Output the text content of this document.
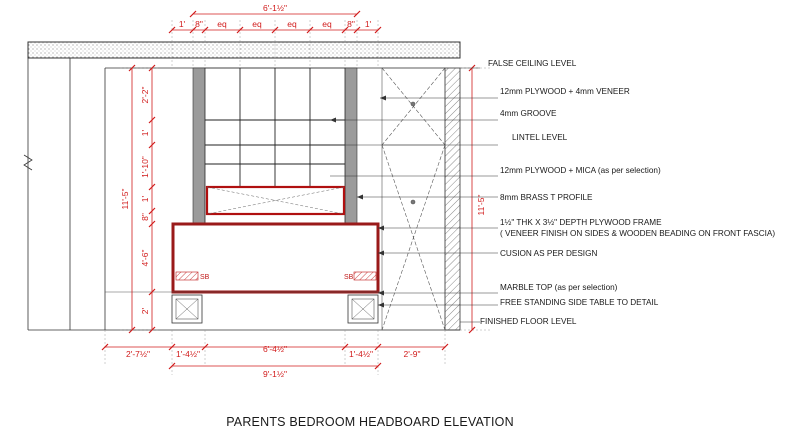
SB	SB
6'-1½"
1' 8" eq	eq	eq	eq 8" 1'
2'-7½"	1'-4½"	6'-4½"	1'-4½"	2'-9"
9'-1½"
11'-5"
2'-2"
1'
1'-10"
1'
8"
4'-6"
2'
11'-5"
FALSE CEILING LEVEL
12mm PLYWOOD + 4mm VENEER
4mm GROOVE
LINTEL LEVEL
12mm PLYWOOD + MICA (as per selection)
8mm BRASS T PROFILE
1½" THK X 3½" DEPTH PLYWOOD FRAME
( VENEER FINISH ON SIDES & WOODEN BEADING ON FRONT FASCIA)
CUSION AS PER DESIGN
MARBLE TOP (as per selection)
FREE STANDING SIDE TABLE TO DETAIL
FINISHED FLOOR LEVEL
PARENTS BEDROOM HEADBOARD ELEVATION
